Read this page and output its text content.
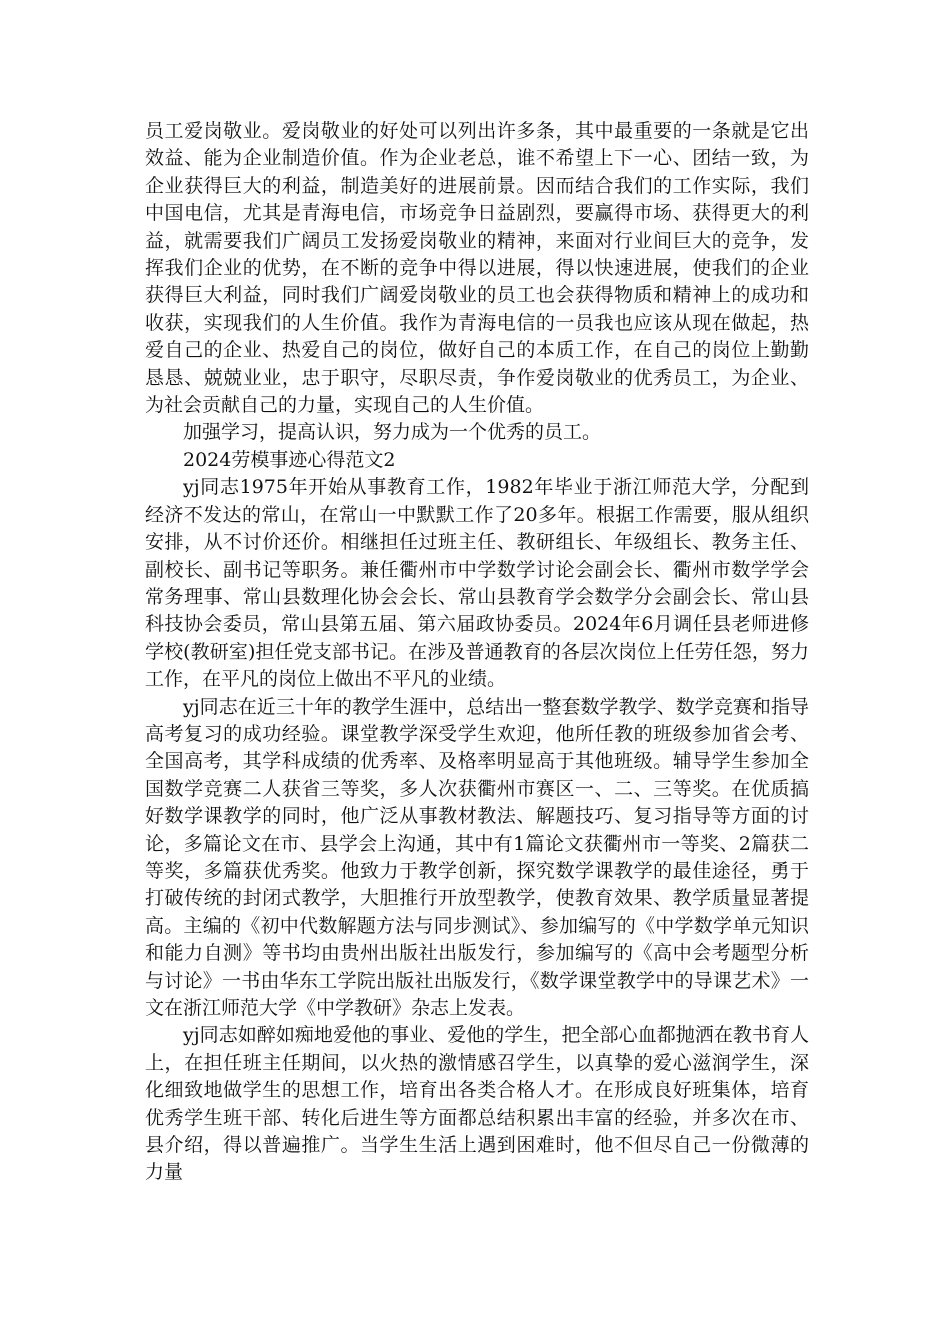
员工爱岗敬业。爱岗敬业的好处可以列出许多条，其中最重要的一条就是它出效益、能为企业制造价值。作为企业老总，谁不希望上下一心、团结一致，为企业获得巨大的利益，制造美好的进展前景。因而结合我们的工作实际，我们中国电信，尤其是青海电信，市场竞争日益剧烈，要赢得市场、获得更大的利益，就需要我们广阔员工发扬爱岗敬业的精神，来面对行业间巨大的竞争，发挥我们企业的优势，在不断的竞争中得以进展，得以快速进展，使我们的企业获得巨大利益，同时我们广阔爱岗敬业的员工也会获得物质和精神上的成功和收获，实现我们的人生价值。我作为青海电信的一员我也应该从现在做起，热爱自己的企业、热爱自己的岗位，做好自己的本质工作，在自己的岗位上勤勤恳恳、兢兢业业，忠于职守，尽职尽责，争作爱岗敬业的优秀员工，为企业、为社会贡献自己的力量，实现自己的人生价值。

加强学习，提高认识，努力成为一个优秀的员工。

2024劳模事迹心得范文2

yj同志1975年开始从事教育工作，1982年毕业于浙江师范大学，分配到经济不发达的常山，在常山一中默默工作了20多年。根据工作需要，服从组织安排，从不讨价还价。相继担任过班主任、教研组长、年级组长、教务主任、副校长、副书记等职务。兼任衢州市中学数学讨论会副会长、衢州市数学学会常务理事、常山县数理化协会会长、常山县教育学会数学分会副会长、常山县科技协会委员，常山县第五届、第六届政协委员。2024年6月调任县老师进修学校(教研室)担任党支部书记。在涉及普通教育的各层次岗位上任劳任怨，努力工作，在平凡的岗位上做出不平凡的业绩。

yj同志在近三十年的教学生涯中，总结出一整套数学教学、数学竞赛和指导高考复习的成功经验。课堂教学深受学生欢迎，他所任教的班级参加省会考、全国高考，其学科成绩的优秀率、及格率明显高于其他班级。辅导学生参加全国数学竞赛二人获省三等奖，多人次获衢州市赛区一、二、三等奖。在优质搞好数学课教学的同时，他广泛从事教材教法、解题技巧、复习指导等方面的讨论，多篇论文在市、县学会上沟通，其中有1篇论文获衢州市一等奖、2篇获二等奖，多篇获优秀奖。他致力于教学创新，探究数学课教学的最佳途径，勇于打破传统的封闭式教学，大胆推行开放型教学，使教育效果、教学质量显著提高。主编的《初中代数解题方法与同步测试》、参加编写的《中学数学单元知识和能力自测》等书均由贵州出版社出版发行，参加编写的《高中会考题型分析与讨论》一书由华东工学院出版社出版发行，《数学课堂教学中的导课艺术》一文在浙江师范大学《中学教研》杂志上发表。

yj同志如醉如痴地爱他的事业、爱他的学生，把全部心血都抛洒在教书育人上，在担任班主任期间，以火热的激情感召学生，以真挚的爱心滋润学生，深化细致地做学生的思想工作，培育出各类合格人才。在形成良好班集体，培育优秀学生班干部、转化后进生等方面都总结积累出丰富的经验，并多次在市、县介绍，得以普遍推广。当学生生活上遇到困难时，他不但尽自己一份微薄的力量
